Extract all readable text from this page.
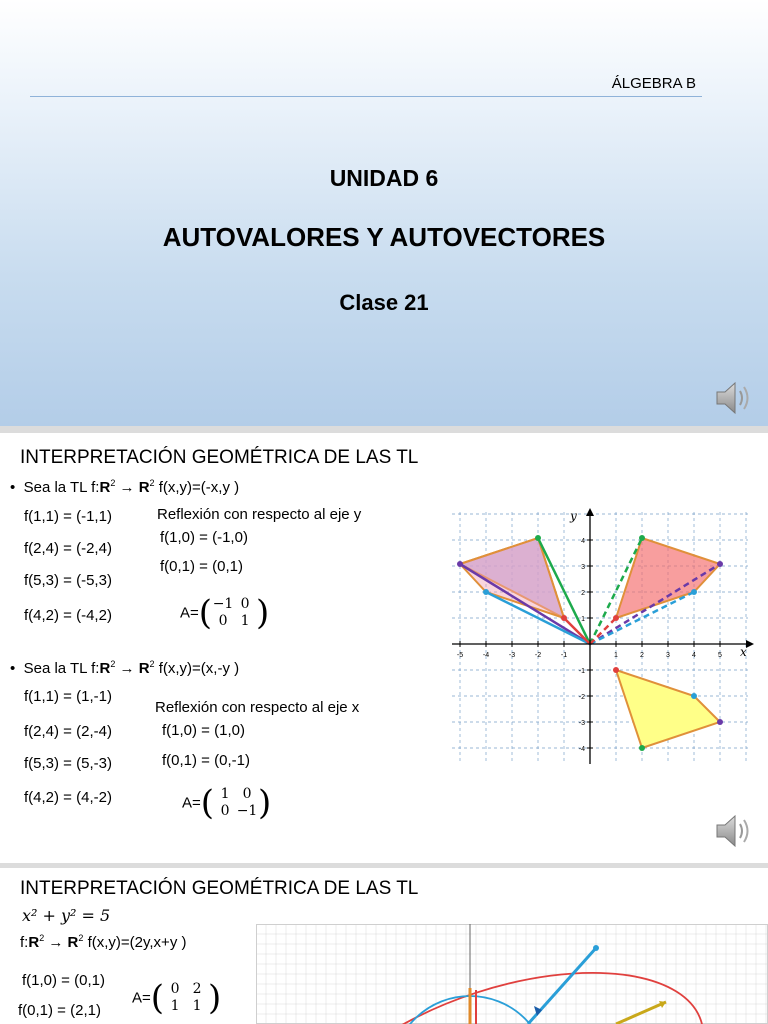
ÁLGEBRA B
UNIDAD 6
AUTOVALORES Y AUTOVECTORES
Clase 21
INTERPRETACIÓN GEOMÉTRICA DE LAS TL
•  Sea la TL $f:R^2 \to R^2$ f(x,y)=(-x,y )
f(1,1) = (-1,1)
f(2,4) = (-2,4)
f(5,3) = (-5,3)
f(4,2) = (-4,2)
Reflexión con respecto al eje y
f(1,0) = (-1,0)
f(0,1) = (0,1)
A=( −1 0
0 1 )
•  Sea la TL $f:R^2 \to R^2$ f(x,y)=(x,-y )
f(1,1) = (1,-1)
f(2,4) = (2,-4)
f(5,3) = (5,-3)
f(4,2) = (4,-2)
Reflexión con respecto al eje x
f(1,0) = (1,0)
f(0,1) = (0,-1)
A=( 1 0
0 −1 )
-5	-4	-3	-2	-1	1	2	3	4	5
4
3
2
1
-1
-2
-3
-4
x
y
INTERPRETACIÓN GEOMÉTRICA DE LAS TL
x² + y² = 5
$f:R^2 \to R^2$ f(x,y)=(2y,x+y )
f(1,0) = (0,1)
f(0,1) = (2,1)
A=( 0 2
1 1 )
